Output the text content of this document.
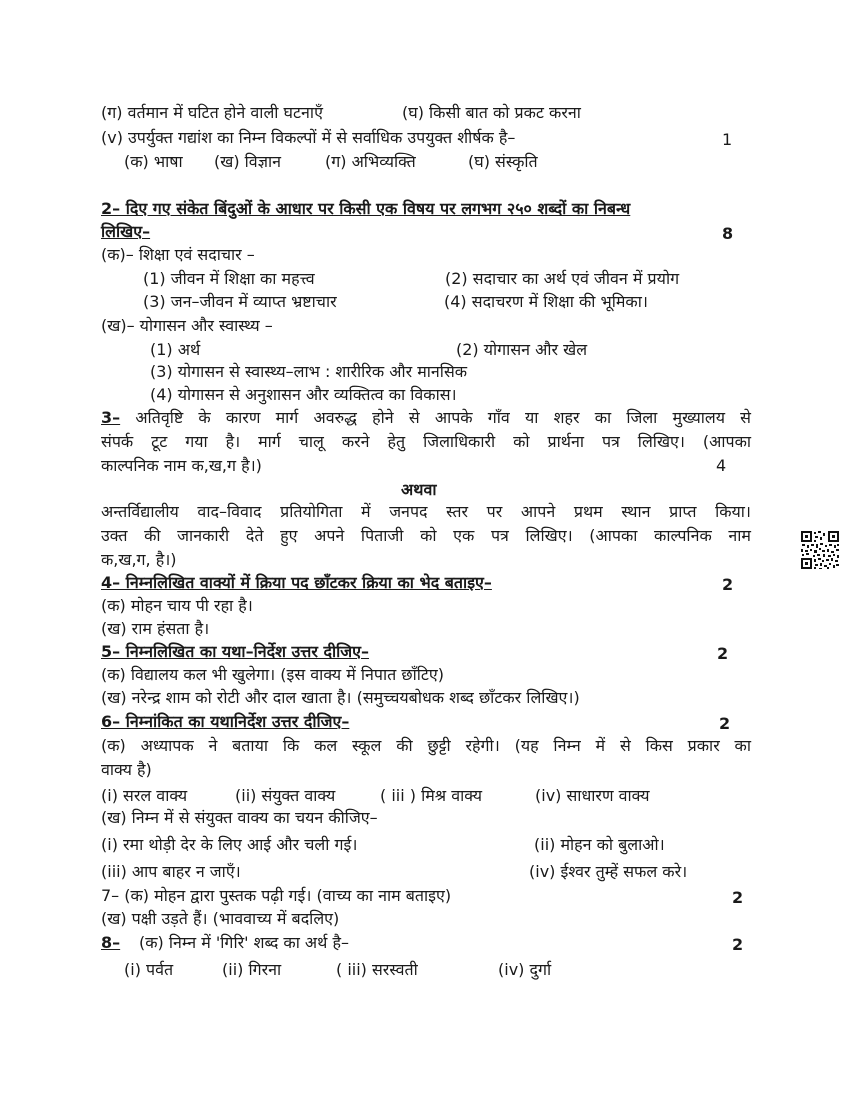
(ग) वर्तमान में घटित होने वाली घटनाएँ	(घ) किसी बात को प्रकट करना
(v) उपर्युक्त गद्यांश का निम्न विकल्पों में से सर्वाधिक उपयुक्त शीर्षक है–	1
(क) भाषा (ख) विज्ञान	(ग) अभिव्यक्ति	(घ) संस्कृति
2– दिए गए संकेत बिंदुओं के आधार पर किसी एक विषय पर लगभग २५० शब्दों का निबन्ध
लिखिए–	8
(क)– शिक्षा एवं सदाचार –
(1) जीवन में शिक्षा का महत्त्व	(2) सदाचार का अर्थ एवं जीवन में प्रयोग
(3) जन–जीवन में व्याप्त भ्रष्टाचार	(4) सदाचरण में शिक्षा की भूमिका।
(ख)– योगासन और स्वास्थ्य –
(1) अर्थ	(2) योगासन और खेल
(3) योगासन से स्वास्थ्य–लाभ : शारीरिक और मानसिक
(4) योगासन से अनुशासन और व्यक्तित्व का विकास।
3– अतिवृष्टि के कारण मार्ग अवरुद्ध होने से आपके गाँव या शहर का जिला मुख्यालय से
संपर्क टूट गया है। मार्ग चालू करने हेतु जिलाधिकारी को प्रार्थना पत्र लिखिए। (आपका
काल्पनिक नाम क,ख,ग है।)	4
अथवा
अन्तर्विद्यालीय वाद–विवाद प्रतियोगिता में जनपद स्तर पर आपने प्रथम स्थान प्राप्त किया।
उक्त की जानकारी देते हुए अपने पिताजी को एक पत्र लिखिए। (आपका काल्पनिक नाम
क,ख,ग, है।)
4– निम्नलिखित वाक्यों में क्रिया पद छाँटकर क्रिया का भेद बताइए–	2
(क) मोहन चाय पी रहा है।
(ख) राम हंसता है।
5– निम्नलिखित का यथा–निर्देश उत्तर दीजिए–	2
(क) विद्यालय कल भी खुलेगा। (इस वाक्य में निपात छाँटिए)
(ख) नरेन्द्र शाम को रोटी और दाल खाता है। (समुच्चयबोधक शब्द छाँटकर लिखिए।)
6– निम्नांकित का यथानिर्देश उत्तर दीजिए–	2
(क) अध्यापक ने बताया कि कल स्कूल की छुट्टी रहेगी। (यह निम्न में से किस प्रकार का
वाक्य है)
(i) सरल वाक्य	(ii) संयुक्त वाक्य	( iii ) मिश्र वाक्य	(iv) साधारण वाक्य
(ख) निम्न में से संयुक्त वाक्य का चयन कीजिए–
(i) रमा थोड़ी देर के लिए आई और चली गई।	(ii) मोहन को बुलाओ।
(iii) आप बाहर न जाएँ।	(iv) ईश्वर तुम्हें सफल करे।
7– (क) मोहन द्वारा पुस्तक पढ़ी गई। (वाच्य का नाम बताइए)	2
(ख) पक्षी उड़ते हैं। (भाववाच्य में बदलिए)
8– (क) निम्न में 'गिरि' शब्द का अर्थ है–	2
(i) पर्वत	(ii) गिरना	( iii) सरस्वती	(iv) दुर्गा
